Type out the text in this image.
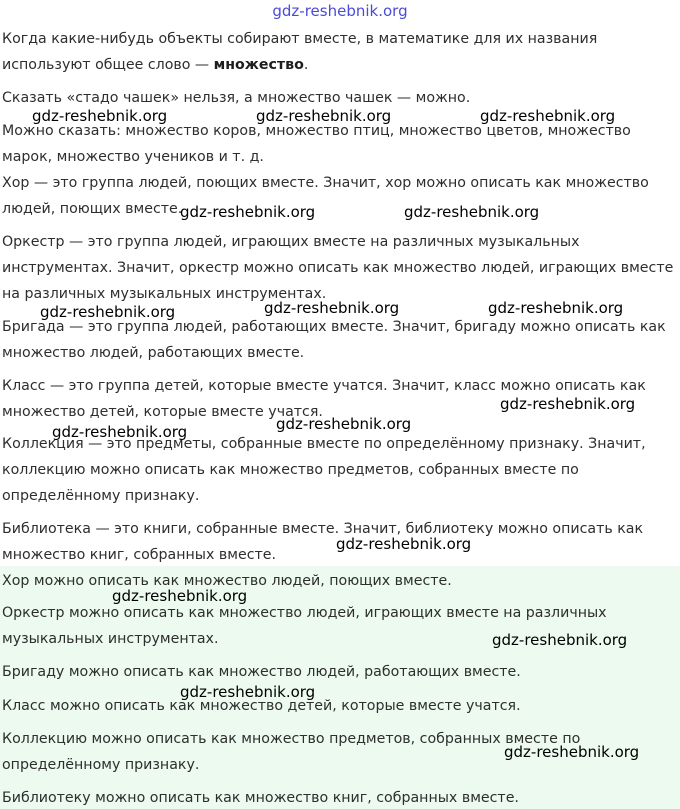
gdz-reshebnik.org
Когда какие-нибудь объекты собирают вместе, в математике для их названия
используют общее слово — множество.
Сказать «стадо чашек» нельзя, а множество чашек — можно.
Можно сказать: множество коров, множество птиц, множество цветов, множество
марок, множество учеников и т. д.
Хор — это группа людей, поющих вместе. Значит, хор можно описать как множество
людей, поющих вместе.
Оркестр — это группа людей, играющих вместе на различных музыкальных
инструментах. Значит, оркестр можно описать как множество людей, играющих вместе
на различных музыкальных инструментах.
Бригада — это группа людей, работающих вместе. Значит, бригаду можно описать как
множество людей, работающих вместе.
Класс — это группа детей, которые вместе учатся. Значит, класс можно описать как
множество детей, которые вместе учатся.
Коллекция — это предметы, собранные вместе по определённому признаку. Значит,
коллекцию можно описать как множество предметов, собранных вместе по
определённому признаку.
Библиотека — это книги, собранные вместе. Значит, библиотеку можно описать как
множество книг, собранных вместе.
Хор можно описать как множество людей, поющих вместе.
Оркестр можно описать как множество людей, играющих вместе на различных
музыкальных инструментах.
Бригаду можно описать как множество людей, работающих вместе.
Класс можно описать как множество детей, которые вместе учатся.
Коллекцию можно описать как множество предметов, собранных вместе по
определённому признаку.
Библиотеку можно описать как множество книг, собранных вместе.
gdz-reshebnik.org	gdz-reshebnik.org	gdz-reshebnik.org
gdz-reshebnik.org	gdz-reshebnik.org
gdz-reshebnik.org	gdz-reshebnik.org	gdz-reshebnik.org
gdz-reshebnik.org
gdz-reshebnik.org
gdz-reshebnik.org
gdz-reshebnik.org
gdz-reshebnik.org
gdz-reshebnik.org
gdz-reshebnik.org
gdz-reshebnik.org
